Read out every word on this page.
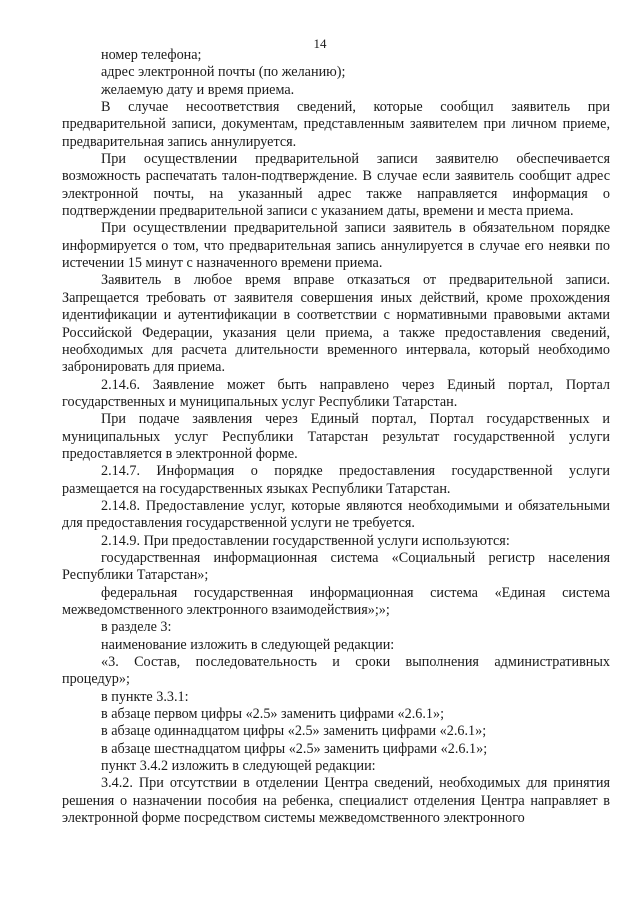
14

номер телефона;

адрес электронной почты (по желанию);

желаемую дату и время приема.

В случае несоответствия сведений, которые сообщил заявитель при предварительной записи, документам, представленным заявителем при личном приеме, предварительная запись аннулируется.

При осуществлении предварительной записи заявителю обеспечивается возможность распечатать талон-подтверждение. В случае если заявитель сообщит адрес электронной почты, на указанный адрес также направляется информация о подтверждении предварительной записи с указанием даты, времени и места приема.

При осуществлении предварительной записи заявитель в обязательном порядке информируется о том, что предварительная запись аннулируется в случае его неявки по истечении 15 минут с назначенного времени приема.

Заявитель в любое время вправе отказаться от предварительной записи. Запрещается требовать от заявителя совершения иных действий, кроме прохождения идентификации и аутентификации в соответствии с нормативными правовыми актами Российской Федерации, указания цели приема, а также предоставления сведений, необходимых для расчета длительности временного интервала, который необходимо забронировать для приема.

2.14.6. Заявление может быть направлено через Единый портал, Портал государственных и муниципальных услуг Республики Татарстан.

При подаче заявления через Единый портал, Портал государственных и муниципальных услуг Республики Татарстан результат государственной услуги предоставляется в электронной форме.

2.14.7. Информация о порядке предоставления государственной услуги размещается на государственных языках Республики Татарстан.

2.14.8. Предоставление услуг, которые являются необходимыми и обязательными для предоставления государственной услуги не требуется.

2.14.9. При предоставлении государственной услуги используются:

государственная информационная система «Социальный регистр населения Республики Татарстан»;

федеральная государственная информационная система «Единая система межведомственного электронного взаимодействия»;»;

в разделе 3:

наименование изложить в следующей редакции:

«3. Состав, последовательность и сроки выполнения административных процедур»;

в пункте 3.3.1:

в абзаце первом цифры «2.5» заменить цифрами «2.6.1»;

в абзаце одиннадцатом цифры «2.5» заменить цифрами «2.6.1»;

в абзаце шестнадцатом цифры «2.5» заменить цифрами «2.6.1»;

пункт 3.4.2 изложить в следующей редакции:

3.4.2. При отсутствии в отделении Центра сведений, необходимых для принятия решения о назначении пособия на ребенка, специалист отделения Центра направляет в электронной форме посредством системы межведомственного электронного
